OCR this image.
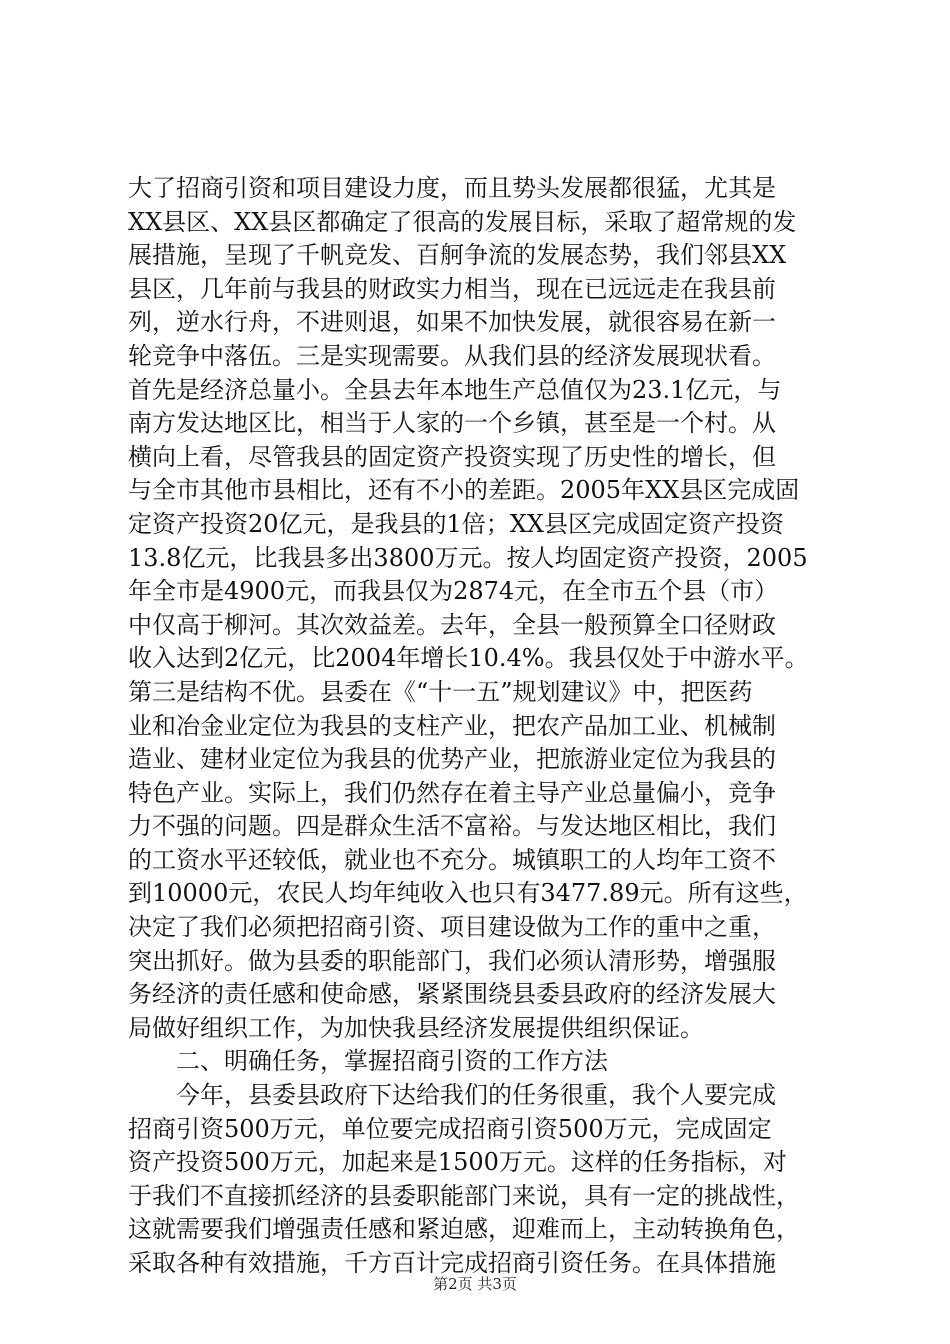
大了招商引资和项目建设力度，而且势头发展都很猛，尤其是
XX县区、XX县区都确定了很高的发展目标，采取了超常规的发
展措施，呈现了千帆竞发、百舸争流的发展态势，我们邻县XX
县区，几年前与我县的财政实力相当，现在已远远走在我县前
列，逆水行舟，不进则退，如果不加快发展，就很容易在新一
轮竞争中落伍。三是实现需要。从我们县的经济发展现状看。
首先是经济总量小。全县去年本地生产总值仅为23.1亿元，与
南方发达地区比，相当于人家的一个乡镇，甚至是一个村。从
横向上看，尽管我县的固定资产投资实现了历史性的增长，但
与全市其他市县相比，还有不小的差距。2005年XX县区完成固
定资产投资20亿元，是我县的1倍；XX县区完成固定资产投资
13.8亿元，比我县多出3800万元。按人均固定资产投资，2005
年全市是4900元，而我县仅为2874元，在全市五个县（市）
中仅高于柳河。其次效益差。去年，全县一般预算全口径财政
收入达到2亿元，比2004年增长10.4%。我县仅处于中游水平。
第三是结构不优。县委在《“十一五”规划建议》中，把医药
业和冶金业定位为我县的支柱产业，把农产品加工业、机械制
造业、建材业定位为我县的优势产业，把旅游业定位为我县的
特色产业。实际上，我们仍然存在着主导产业总量偏小，竞争
力不强的问题。四是群众生活不富裕。与发达地区相比，我们
的工资水平还较低，就业也不充分。城镇职工的人均年工资不
到10000元，农民人均年纯收入也只有3477.89元。所有这些，
决定了我们必须把招商引资、项目建设做为工作的重中之重，
突出抓好。做为县委的职能部门，我们必须认清形势，增强服
务经济的责任感和使命感，紧紧围绕县委县政府的经济发展大
局做好组织工作，为加快我县经济发展提供组织保证。
二、明确任务，掌握招商引资的工作方法
今年，县委县政府下达给我们的任务很重，我个人要完成
招商引资500万元，单位要完成招商引资500万元，完成固定
资产投资500万元，加起来是1500万元。这样的任务指标，对
于我们不直接抓经济的县委职能部门来说，具有一定的挑战性，
这就需要我们增强责任感和紧迫感，迎难而上，主动转换角色，
采取各种有效措施，千方百计完成招商引资任务。在具体措施
第2页 共3页
